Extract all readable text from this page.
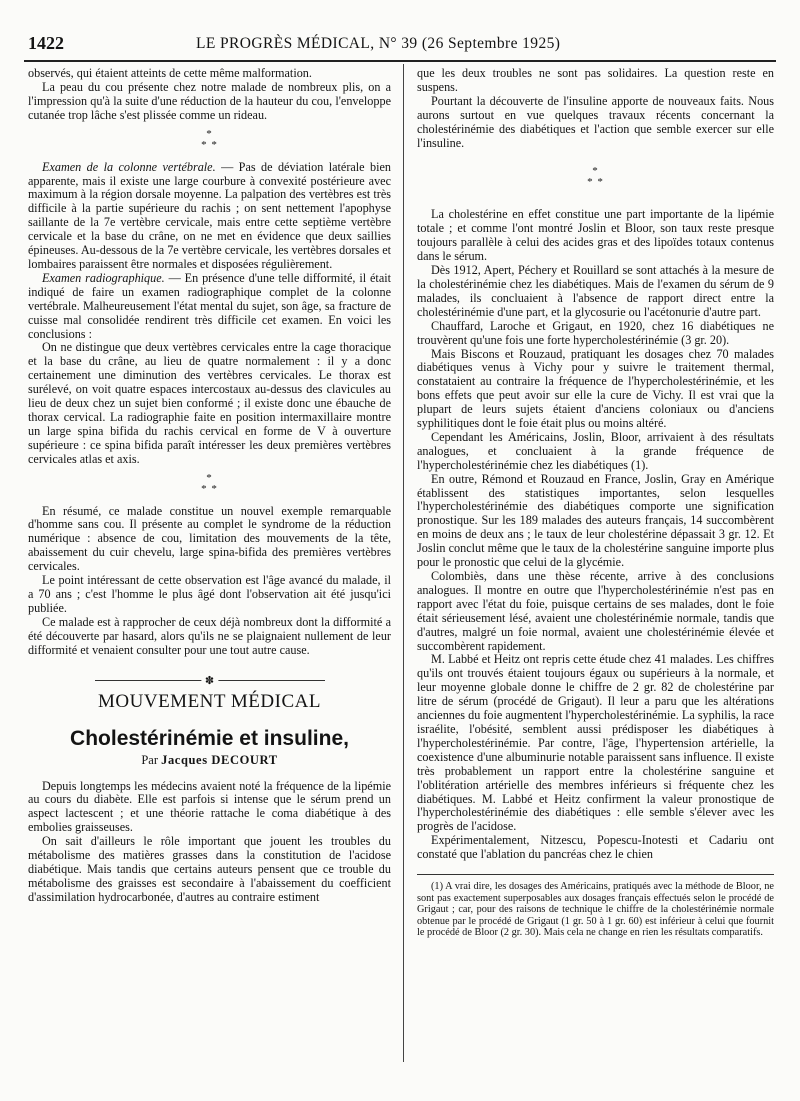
1422	LE PROGRÈS MÉDICAL, N° 39 (26 Septembre 1925)

observés, qui étaient atteints de cette même malformation.

La peau du cou présente chez notre malade de nombreux plis, on a l'impression qu'à la suite d'une réduction de la hauteur du cou, l'enveloppe cutanée trop lâche s'est plissée comme un rideau.

*
* *

Examen de la colonne vertébrale. — Pas de déviation latérale bien apparente, mais il existe une large courbure à convexité postérieure avec maximum à la région dorsale moyenne. La palpation des vertèbres est très difficile à la partie supérieure du rachis ; on sent nettement l'apophyse saillante de la 7e vertèbre cervicale, mais entre cette septième vertèbre cervicale et la base du crâne, on ne met en évidence que deux saillies épineuses. Au-dessous de la 7e vertèbre cervicale, les vertèbres dorsales et lombaires paraissent être normales et disposées régulièrement.

Examen radiographique. — En présence d'une telle difformité, il était indiqué de faire un examen radiographique complet de la colonne vertébrale. Malheureusement l'état mental du sujet, son âge, sa fracture de cuisse mal consolidée rendirent très difficile cet examen. En voici les conclusions :

On ne distingue que deux vertèbres cervicales entre la cage thoracique et la base du crâne, au lieu de quatre normalement : il y a donc certainement une diminution des vertèbres cervicales. Le thorax est surélevé, on voit quatre espaces intercostaux au-dessus des clavicules au lieu de deux chez un sujet bien conformé ; il existe donc une ébauche de thorax cervical. La radiographie faite en position intermaxillaire montre un large spina bifida du rachis cervical en forme de V à ouverture supérieure : ce spina bifida paraît intéresser les deux premières vertèbres cervicales atlas et axis.

*
* *

En résumé, ce malade constitue un nouvel exemple remarquable d'homme sans cou. Il présente au complet le syndrome de la réduction numérique : absence de cou, limitation des mouvements de la tête, abaissement du cuir chevelu, large spina-bifida des premières vertèbres cervicales.

Le point intéressant de cette observation est l'âge avancé du malade, il a 70 ans ; c'est l'homme le plus âgé dont l'observation ait été jusqu'ici publiée.

Ce malade est à rapprocher de ceux déjà nombreux dont la difformité a été découverte par hasard, alors qu'ils ne se plaignaient nullement de leur difformité et venaient consulter pour une tout autre cause.

✽
MOUVEMENT MÉDICAL
Cholestérinémie et insuline,
Par Jacques DECOURT

Depuis longtemps les médecins avaient noté la fréquence de la lipémie au cours du diabète. Elle est parfois si intense que le sérum prend un aspect lactescent ; et une théorie rattache le coma diabétique à des embolies graisseuses.

On sait d'ailleurs le rôle important que jouent les troubles du métabolisme des matières grasses dans la constitution de l'acidose diabétique. Mais tandis que certains auteurs pensent que ce trouble du métabolisme des graisses est secondaire à l'abaissement du coefficient d'assimilation hydrocarbonée, d'autres au contraire estiment

que les deux troubles ne sont pas solidaires. La question reste en suspens.

Pourtant la découverte de l'insuline apporte de nouveaux faits. Nous aurons surtout en vue quelques travaux récents concernant la cholestérinémie des diabétiques et l'action que semble exercer sur elle l'insuline.

*
* *

La cholestérine en effet constitue une part importante de la lipémie totale ; et comme l'ont montré Joslin et Bloor, son taux reste presque toujours parallèle à celui des acides gras et des lipoïdes totaux contenus dans le sérum.

Dès 1912, Apert, Péchery et Rouillard se sont attachés à la mesure de la cholestérinémie chez les diabétiques. Mais de l'examen du sérum de 9 malades, ils concluaient à l'absence de rapport direct entre la cholestérinémie d'une part, et la glycosurie ou l'acétonurie d'autre part.

Chauffard, Laroche et Grigaut, en 1920, chez 16 diabétiques ne trouvèrent qu'une fois une forte hypercholestérinémie (3 gr. 20).

Mais Biscons et Rouzaud, pratiquant les dosages chez 70 malades diabétiques venus à Vichy pour y suivre le traitement thermal, constataient au contraire la fréquence de l'hypercholestérinémie, et les bons effets que peut avoir sur elle la cure de Vichy. Il est vrai que la plupart de leurs sujets étaient d'anciens coloniaux ou d'anciens syphilitiques dont le foie était plus ou moins altéré.

Cependant les Américains, Joslin, Bloor, arrivaient à des résultats analogues, et concluaient à la grande fréquence de l'hypercholestérinémie chez les diabétiques (1).

En outre, Rémond et Rouzaud en France, Joslin, Gray en Amérique établissent des statistiques importantes, selon lesquelles l'hypercholestérinémie des diabétiques comporte une signification pronostique. Sur les 189 malades des auteurs français, 14 succombèrent en moins de deux ans ; le taux de leur cholestérine dépassait 3 gr. 12. Et Joslin conclut même que le taux de la cholestérine sanguine importe plus pour le pronostic que celui de la glycémie.

Colombiès, dans une thèse récente, arrive à des conclusions analogues. Il montre en outre que l'hypercholestérinémie n'est pas en rapport avec l'état du foie, puisque certains de ses malades, dont le foie était sérieusement lésé, avaient une cholestérinémie normale, tandis que d'autres, malgré un foie normal, avaient une cholestérinémie élevée et succombèrent rapidement.

M. Labbé et Heitz ont repris cette étude chez 41 malades. Les chiffres qu'ils ont trouvés étaient toujours égaux ou supérieurs à la normale, et leur moyenne globale donne le chiffre de 2 gr. 82 de cholestérine par litre de sérum (procédé de Grigaut). Il leur a paru que les altérations anciennes du foie augmentent l'hypercholestérinémie. La syphilis, la race israélite, l'obésité, semblent aussi prédisposer les diabétiques à l'hypercholestérinémie. Par contre, l'âge, l'hypertension artérielle, la coexistence d'une albuminurie notable paraissent sans influence. Il existe très probablement un rapport entre la cholestérine sanguine et l'oblitération artérielle des membres inférieurs si fréquente chez les diabétiques. M. Labbé et Heitz confirment la valeur pronostique de l'hypercholestérinémie des diabétiques : elle semble s'élever avec les progrès de l'acidose.

Expérimentalement, Nitzescu, Popescu-Inotesti et Cadariu ont constaté que l'ablation du pancréas chez le chien

(1) A vrai dire, les dosages des Américains, pratiqués avec la méthode de Bloor, ne sont pas exactement superposables aux dosages français effectués selon le procédé de Grigaut ; car, pour des raisons de technique le chiffre de la cholestérinémie normale obtenue par le procédé de Grigaut (1 gr. 50 à 1 gr. 60) est inférieur à celui que fournit le procédé de Bloor (2 gr. 30). Mais cela ne change en rien les résultats comparatifs.
